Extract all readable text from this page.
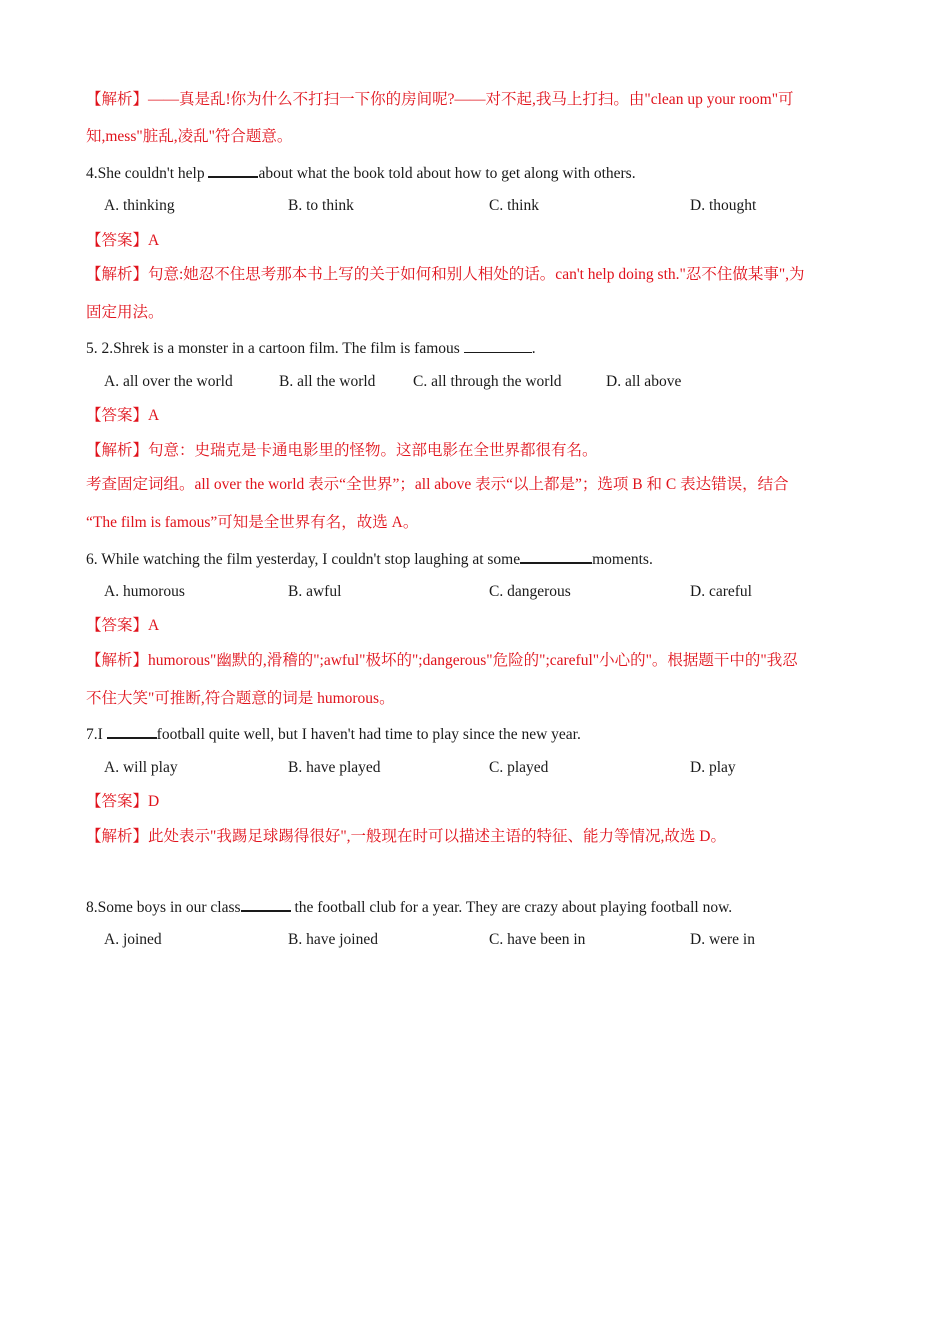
【解析】——真是乱!你为什么不打扫一下你的房间呢?——对不起,我马上打扫。由"clean up your room"可
知,mess"脏乱,凌乱"符合题意。
4.She couldn't help	about what the book told about how to get along with others.
A. thinking	B. to think	C. think	D. thought
【答案】A
【解析】句意:她忍不住思考那本书上写的关于如何和别人相处的话。can't help doing sth."忍不住做某事",为
固定用法。
5. 2.Shrek is a monster in a cartoon film. The film is famous	.
A. all over the world	B. all the world C. all through the world	D. all above
【答案】A
【解析】句意：史瑞克是卡通电影里的怪物。这部电影在全世界都很有名。
考查固定词组。all over the world 表示“全世界”；all above 表示“以上都是”；选项 B 和 C 表达错误，结合
“The film is famous”可知是全世界有名，故选 A。
6. While watching the film yesterday, I couldn't stop laughing at some	moments.
A. humorous	B. awful	C. dangerous	D. careful
【答案】A
【解析】humorous"幽默的,滑稽的";awful"极坏的";dangerous"危险的";careful"小心的"。根据题干中的"我忍
不住大笑"可推断,符合题意的词是 humorous。
7.I	football quite well, but I haven't had time to play since the new year.
A. will play	B. have played	C. played	D. play
【答案】D
【解析】此处表示"我踢足球踢得很好",一般现在时可以描述主语的特征、能力等情况,故选 D。
8.Some boys in our class	the football club for a year. They are crazy about playing football now.
A. joined	B. have joined	C. have been in	D. were in
